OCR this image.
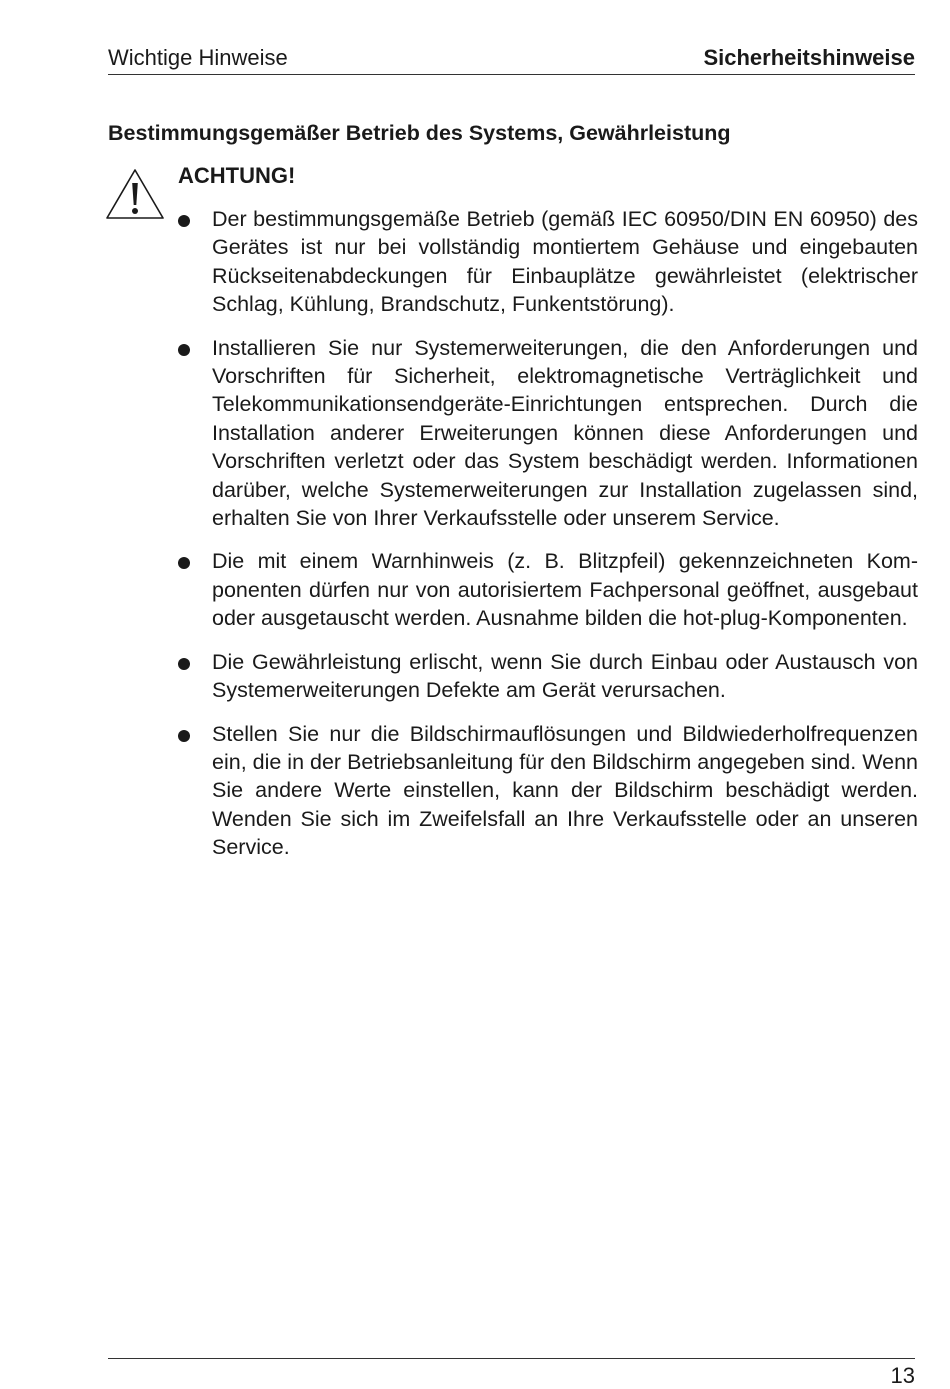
Wichtige Hinweise	Sicherheitshinweise
Bestimmungsgemäßer Betrieb des Systems, Gewährleistung
ACHTUNG!
Der bestimmungsgemäße Betrieb (gemäß IEC 60950/DIN EN 60950) des Gerätes ist nur bei vollständig montiertem Gehäuse und eingebauten Rückseitenabdeckungen für Einbauplätze gewährleistet (elektrischer Schlag, Kühlung, Brandschutz, Funkentstörung).
Installieren Sie nur Systemerweiterungen, die den Anforderungen und Vorschriften für Sicherheit, elektromagnetische Verträglichkeit und Telekommunikationsendgeräte-Einrichtungen entsprechen. Durch die Installation anderer Erweiterungen können diese Anforderungen und Vorschriften verletzt oder das System beschädigt werden. Informationen darüber, welche Systemerweiterungen zur Installation zugelassen sind, erhalten Sie von Ihrer Verkaufsstelle oder unserem Service.
Die mit einem Warnhinweis (z. B. Blitzpfeil) gekennzeichneten Komponenten dürfen nur von autorisiertem Fachpersonal geöffnet, ausgebaut oder ausgetauscht werden. Ausnahme bilden die hot-plug-Komponenten.
Die Gewährleistung erlischt, wenn Sie durch Einbau oder Austausch von Systemerweiterungen Defekte am Gerät verursachen.
Stellen Sie nur die Bildschirmauflösungen und Bildwiederholfrequenzen ein, die in der Betriebsanleitung für den Bildschirm angegeben sind. Wenn Sie andere Werte einstellen, kann der Bildschirm beschädigt werden. Wenden Sie sich im Zweifelsfall an Ihre Verkaufsstelle oder an unseren Service.
13
